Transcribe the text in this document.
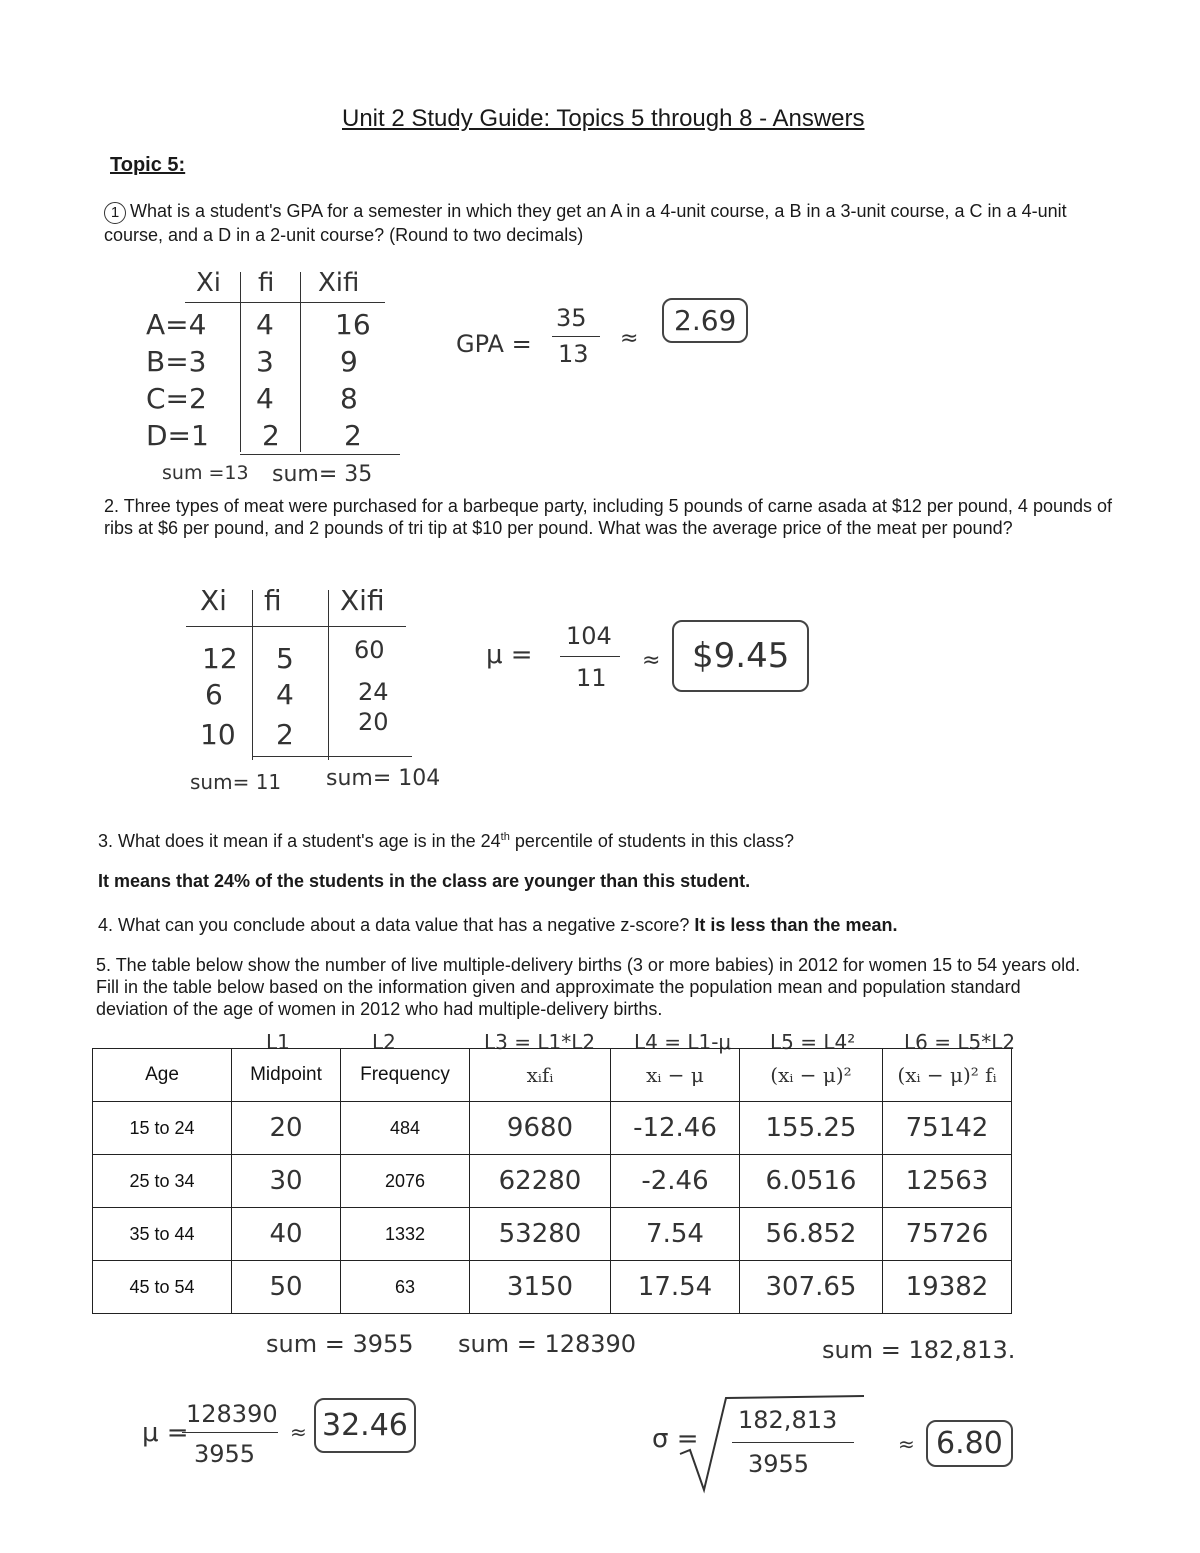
Unit 2 Study Guide: Topics 5 through 8 - Answers
Topic 5:
1 What is a student's GPA for a semester in which they get an A in a 4-unit course, a B in a 3-unit course, a C in a 4-unit course, and a D in a 2-unit course? (Round to two decimals)
Xi fi Xifi
A=4 4 16
B=3 3 9
C=2 4 8
D=1 2 2
sum =13 sum= 35
GPA =
35
13
≈
2.69
2. Three types of meat were purchased for a barbeque party, including 5 pounds of carne asada at $12 per pound, 4 pounds of ribs at $6 per pound, and 2 pounds of tri tip at $10 per pound. What was the average price of the meat per pound?
Xi fi Xifi
12 5	60
6 4	24
10 2	20
sum= 11 sum= 104
μ =
104
11
≈ $9.45
3. What does it mean if a student's age is in the 24th percentile of students in this class?
It means that 24% of the students in the class are younger than this student.
4. What can you conclude about a data value that has a negative z-score? It is less than the mean.
5. The table below show the number of live multiple-delivery births (3 or more babies) in 2012 for women 15 to 54 years old. Fill in the table below based on the information given and approximate the population mean and population standard deviation of the age of women in 2012 who had multiple-delivery births.
L1	L2	L3 = L1*L2 L4 = L1-μ L5 = L4² L6 = L5*L2
Age	Midpoint	Frequency	xᵢfᵢ	xᵢ − μ	(xᵢ − μ)²	(xᵢ − μ)² fᵢ
15 to 24	20	484	9680	-12.46	155.25	75142
25 to 34	30	2076	62280	-2.46	6.0516	12563
35 to 44	40	1332	53280	7.54	56.852	75726
45 to 54	50	63	3150	17.54	307.65	19382
sum = 3955 sum = 128390	sum = 182,813.
μ =
128390
3955
≈ 32.46	σ =
182,813
3955
≈ 6.80
